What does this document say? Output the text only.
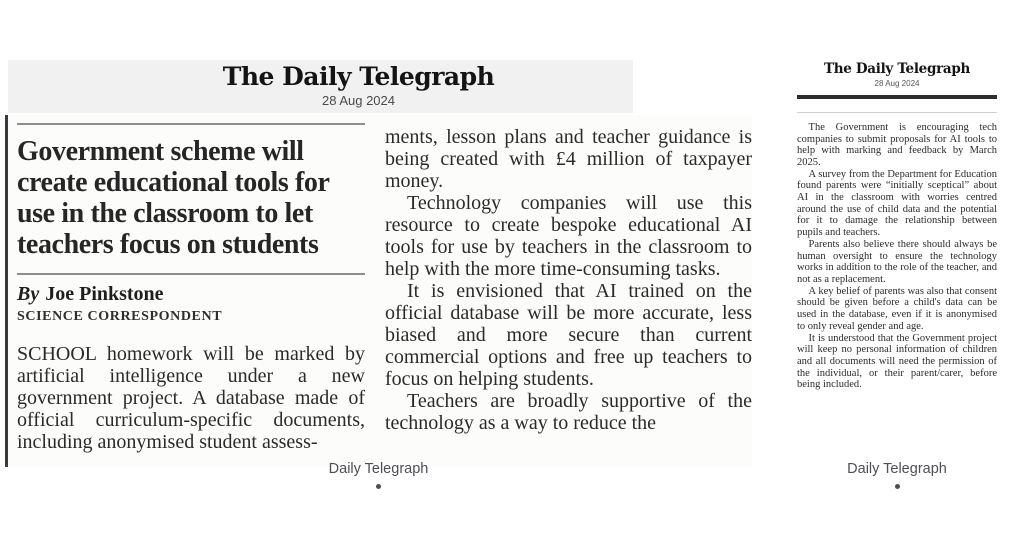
The Daily Telegraph
28 Aug 2024
Government scheme will create educational tools for use in the classroom to let teachers focus on students
By Joe Pinkstone
SCIENCE CORRESPONDENT

SCHOOL homework will be marked by artificial intelligence under a new government project. A database made of official curriculum-specific documents, including anonymised student assess-

ments, lesson plans and teacher guidance is being created with £4 million of taxpayer money.

Technology companies will use this resource to create bespoke educational AI tools for use by teachers in the classroom to help with the more time-consuming tasks.

It is envisioned that AI trained on the official database will be more accurate, less biased and more secure than current commercial options and free up teachers to focus on helping students.

Teachers are broadly supportive of the technology as a way to reduce the

The Daily Telegraph
28 Aug 2024

The Government is encouraging tech companies to submit proposals for AI tools to help with marking and feedback by March 2025.

A survey from the Department for Education found parents were “initially sceptical” about AI in the classroom with worries centred around the use of child data and the potential for it to damage the relationship between pupils and teachers.

Parents also believe there should always be human oversight to ensure the technology works in addition to the role of the teacher, and not as a replacement.

A key belief of parents was also that consent should be given before a child's data can be used in the database, even if it is anonymised to only reveal gender and age.

It is understood that the Government project will keep no personal information of children and all documents will need the permission of the individual, or their parent/carer, before being included.

Daily Telegraph	Daily Telegraph
